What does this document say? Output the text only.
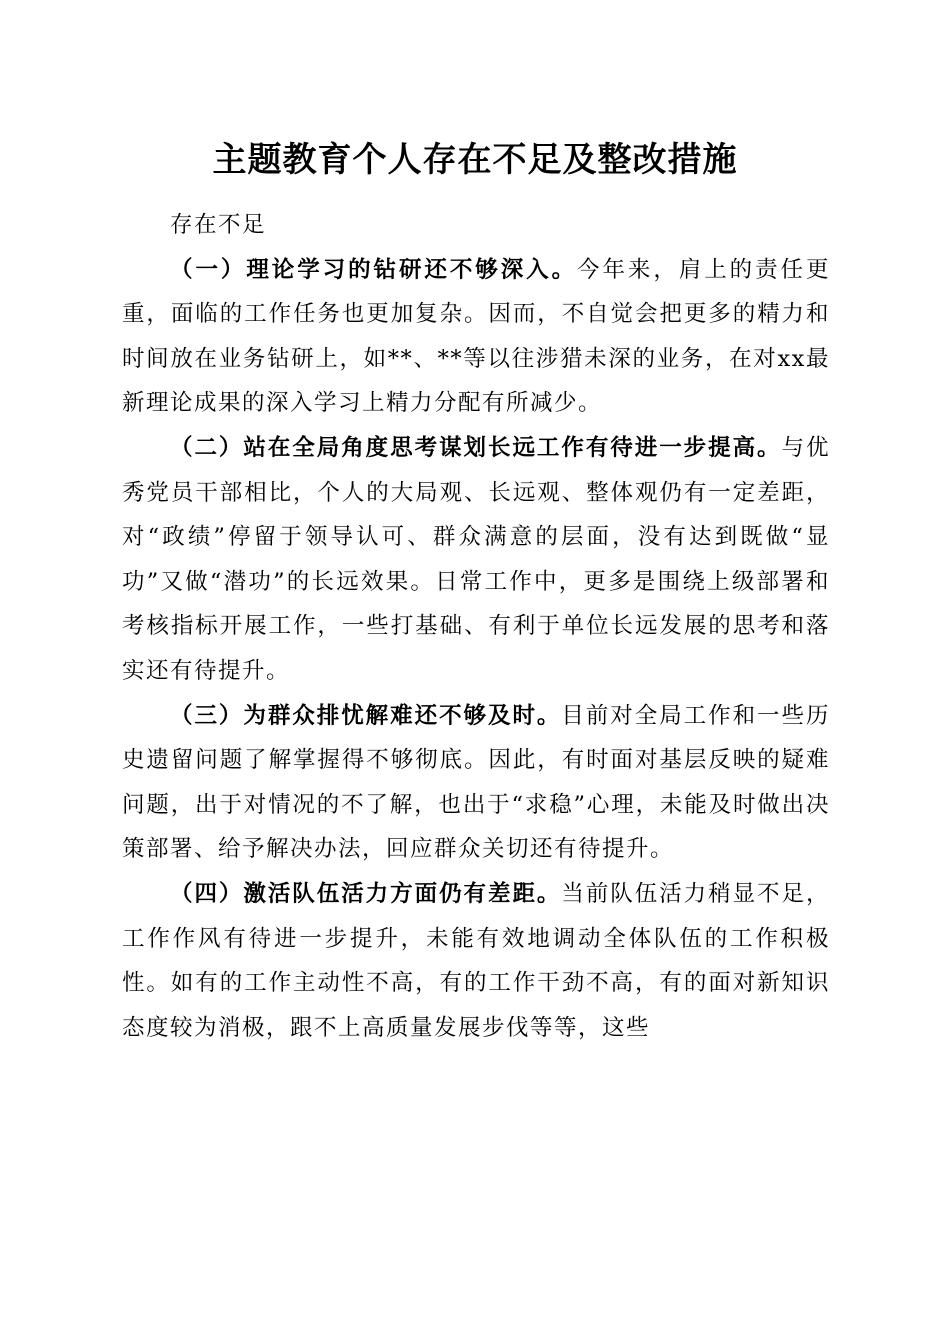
主题教育个人存在不足及整改措施

存在不足

（一）理论学习的钻研还不够深入。今年来，肩上的责任更重，面临的工作任务也更加复杂。因而，不自觉会把更多的精力和时间放在业务钻研上，如**、**等以往涉猎未深的业务，在对xx最新理论成果的深入学习上精力分配有所减少。

（二）站在全局角度思考谋划长远工作有待进一步提高。与优秀党员干部相比，个人的大局观、长远观、整体观仍有一定差距，对“政绩”停留于领导认可、群众满意的层面，没有达到既做“显功”又做“潜功”的长远效果。日常工作中，更多是围绕上级部署和考核指标开展工作，一些打基础、有利于单位长远发展的思考和落实还有待提升。

（三）为群众排忧解难还不够及时。目前对全局工作和一些历史遗留问题了解掌握得不够彻底。因此，有时面对基层反映的疑难问题，出于对情况的不了解，也出于“求稳”心理，未能及时做出决策部署、给予解决办法，回应群众关切还有待提升。

（四）激活队伍活力方面仍有差距。当前队伍活力稍显不足，工作作风有待进一步提升，未能有效地调动全体队伍的工作积极性。如有的工作主动性不高，有的工作干劲不高，有的面对新知识态度较为消极，跟不上高质量发展步伐等等，这些
